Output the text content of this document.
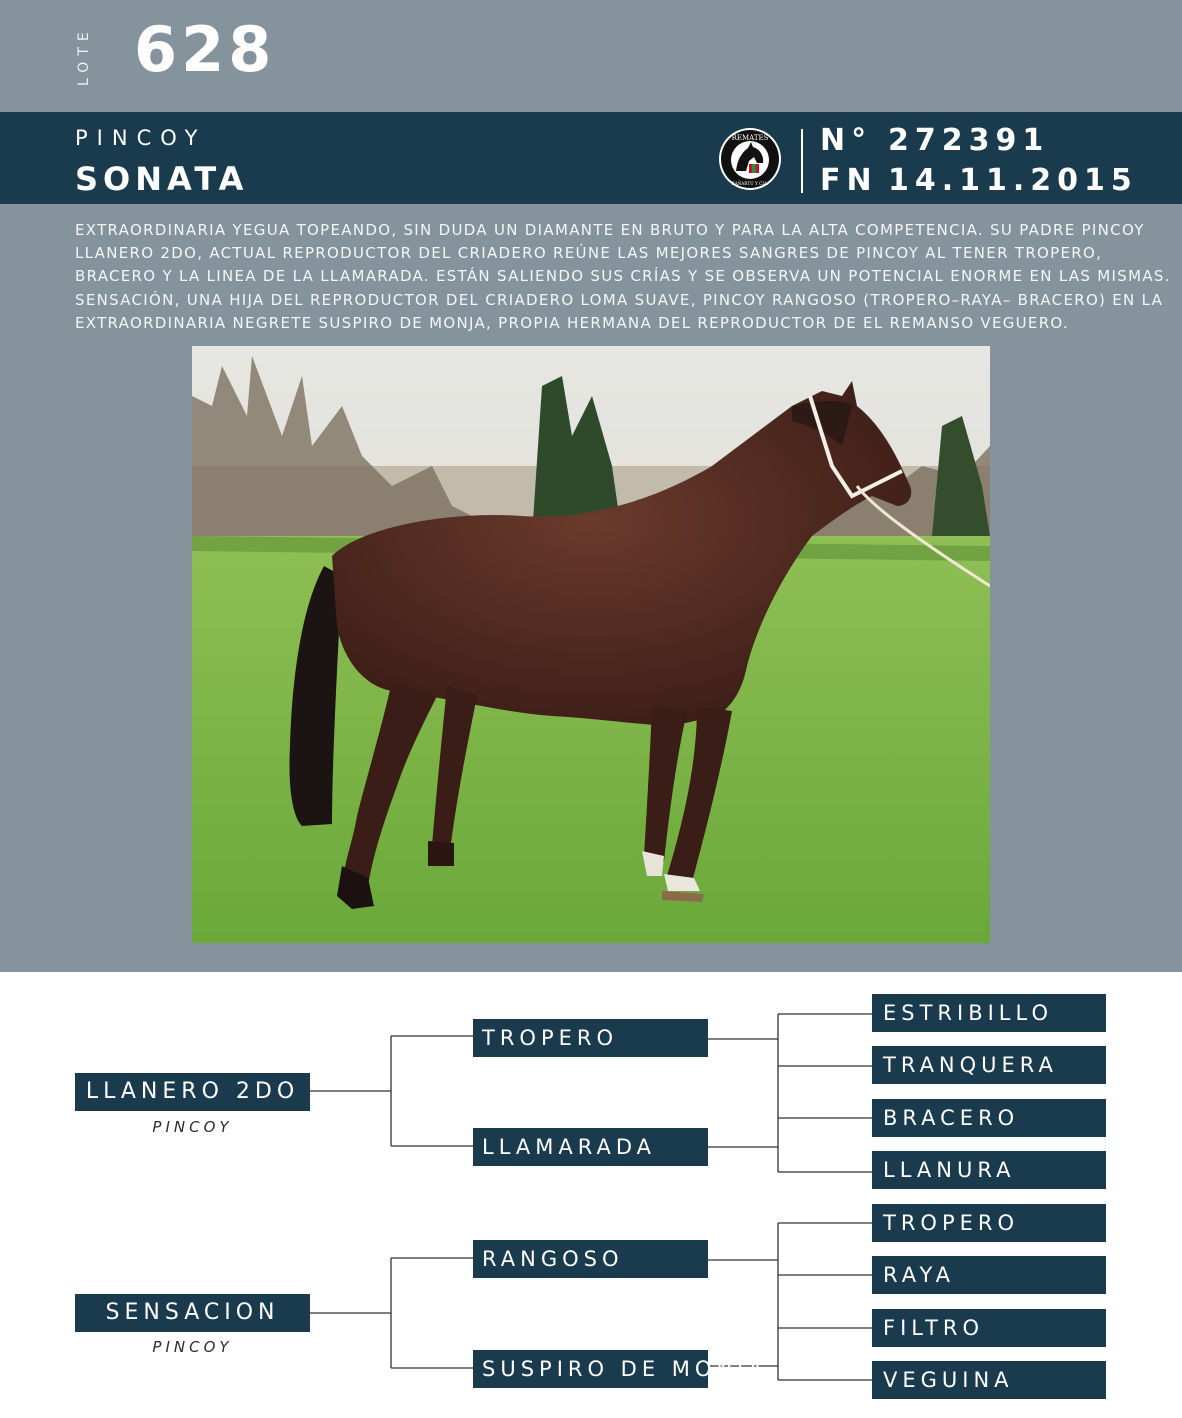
LOTE 628
PINCOY
SONATA
REMATES
ZAÑARTU Y CIA.
N° 272391
FN 14.11.2015
EXTRAORDINARIA YEGUA TOPEANDO, SIN DUDA UN DIAMANTE EN BRUTO Y PARA LA ALTA COMPETENCIA. SU PADRE PINCOY
LLANERO 2DO, ACTUAL REPRODUCTOR DEL CRIADERO REÚNE LAS MEJORES SANGRES DE PINCOY AL TENER TROPERO,
BRACERO Y LA LINEA DE LA LLAMARADA. ESTÁN SALIENDO SUS CRÍAS Y SE OBSERVA UN POTENCIAL ENORME EN LAS MISMAS.
SENSACIÓN, UNA HIJA DEL REPRODUCTOR DEL CRIADERO LOMA SUAVE, PINCOY RANGOSO (TROPERO–RAYA– BRACERO) EN LA
EXTRAORDINARIA NEGRETE SUSPIRO DE MONJA, PROPIA HERMANA DEL REPRODUCTOR DE EL REMANSO VEGUERO.
LLANERO 2DO
PINCOY
SENSACION
PINCOY
TROPERO
LLAMARADA
RANGOSO
SUSPIRO DE MONJA
ESTRIBILLO
TRANQUERA
BRACERO
LLANURA
TROPERO
RAYA
FILTRO
VEGUINA
